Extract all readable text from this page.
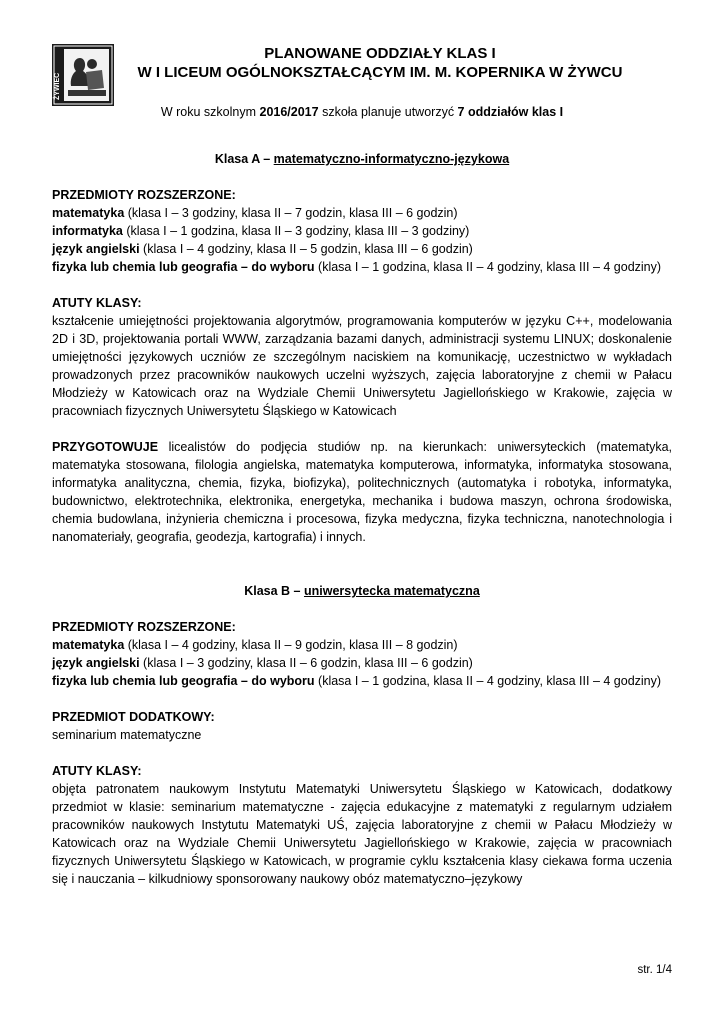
ŻYWIEC
PLANOWANE ODDZIAŁY KLAS I
W I LICEUM OGÓLNOKSZTAŁCĄCYM IM. M. KOPERNIKA W ŻYWCU
W roku szkolnym 2016/2017 szkoła planuje utworzyć 7 oddziałów klas I

Klasa A – matematyczno-informatyczno-językowa

PRZEDMIOTY ROZSZERZONE:

matematyka (klasa I – 3 godziny, klasa II – 7 godzin, klasa III – 6 godzin)

informatyka (klasa I – 1 godzina, klasa II – 3 godziny, klasa III – 3 godziny)

język angielski (klasa I – 4 godziny, klasa II – 5 godzin, klasa III – 6 godzin)

fizyka lub chemia lub geografia – do wyboru (klasa I – 1 godzina, klasa II – 4 godziny, klasa III – 4 godziny)

ATUTY KLASY:

kształcenie umiejętności projektowania algorytmów, programowania komputerów w języku C++, modelowania 2D i 3D, projektowania portali WWW, zarządzania bazami danych, administracji systemu LINUX; doskonalenie umiejętności językowych uczniów ze szczególnym naciskiem na komunikację, uczestnictwo w wykładach prowadzonych przez pracowników naukowych uczelni wyższych, zajęcia laboratoryjne z chemii w Pałacu Młodzieży w Katowicach oraz na Wydziale Chemii Uniwersytetu Jagiellońskiego w Krakowie, zajęcia w pracowniach fizycznych Uniwersytetu Śląskiego w Katowicach

PRZYGOTOWUJE licealistów do podjęcia studiów np. na kierunkach: uniwersyteckich (matematyka, matematyka stosowana, filologia angielska, matematyka komputerowa, informatyka, informatyka stosowana, informatyka analityczna, chemia, fizyka, biofizyka), politechnicznych (automatyka i robotyka, informatyka, budownictwo, elektrotechnika, elektronika, energetyka, mechanika i budowa maszyn, ochrona środowiska, chemia budowlana, inżynieria chemiczna i procesowa, fizyka medyczna, fizyka techniczna, nanotechnologia i nanomateriały, geografia, geodezja, kartografia) i innych.

Klasa B – uniwersytecka matematyczna

PRZEDMIOTY ROZSZERZONE:

matematyka (klasa I – 4 godziny, klasa II – 9 godzin, klasa III – 8 godzin)

język angielski (klasa I – 3 godziny, klasa II – 6 godzin, klasa III – 6 godzin)

fizyka lub chemia lub geografia – do wyboru (klasa I – 1 godzina, klasa II – 4 godziny, klasa III – 4 godziny)

PRZEDMIOT DODATKOWY:

seminarium matematyczne

ATUTY KLASY:

objęta patronatem naukowym Instytutu Matematyki Uniwersytetu Śląskiego w Katowicach, dodatkowy przedmiot w klasie: seminarium matematyczne - zajęcia edukacyjne z matematyki z regularnym udziałem pracowników naukowych Instytutu Matematyki UŚ, zajęcia laboratoryjne z chemii w Pałacu Młodzieży w Katowicach oraz na Wydziale Chemii Uniwersytetu Jagiellońskiego w Krakowie, zajęcia w pracowniach fizycznych Uniwersytetu Śląskiego w Katowicach, w programie cyklu kształcenia klasy ciekawa forma uczenia się i nauczania – kilkudniowy sponsorowany naukowy obóz matematyczno–językowy

str. 1/4
